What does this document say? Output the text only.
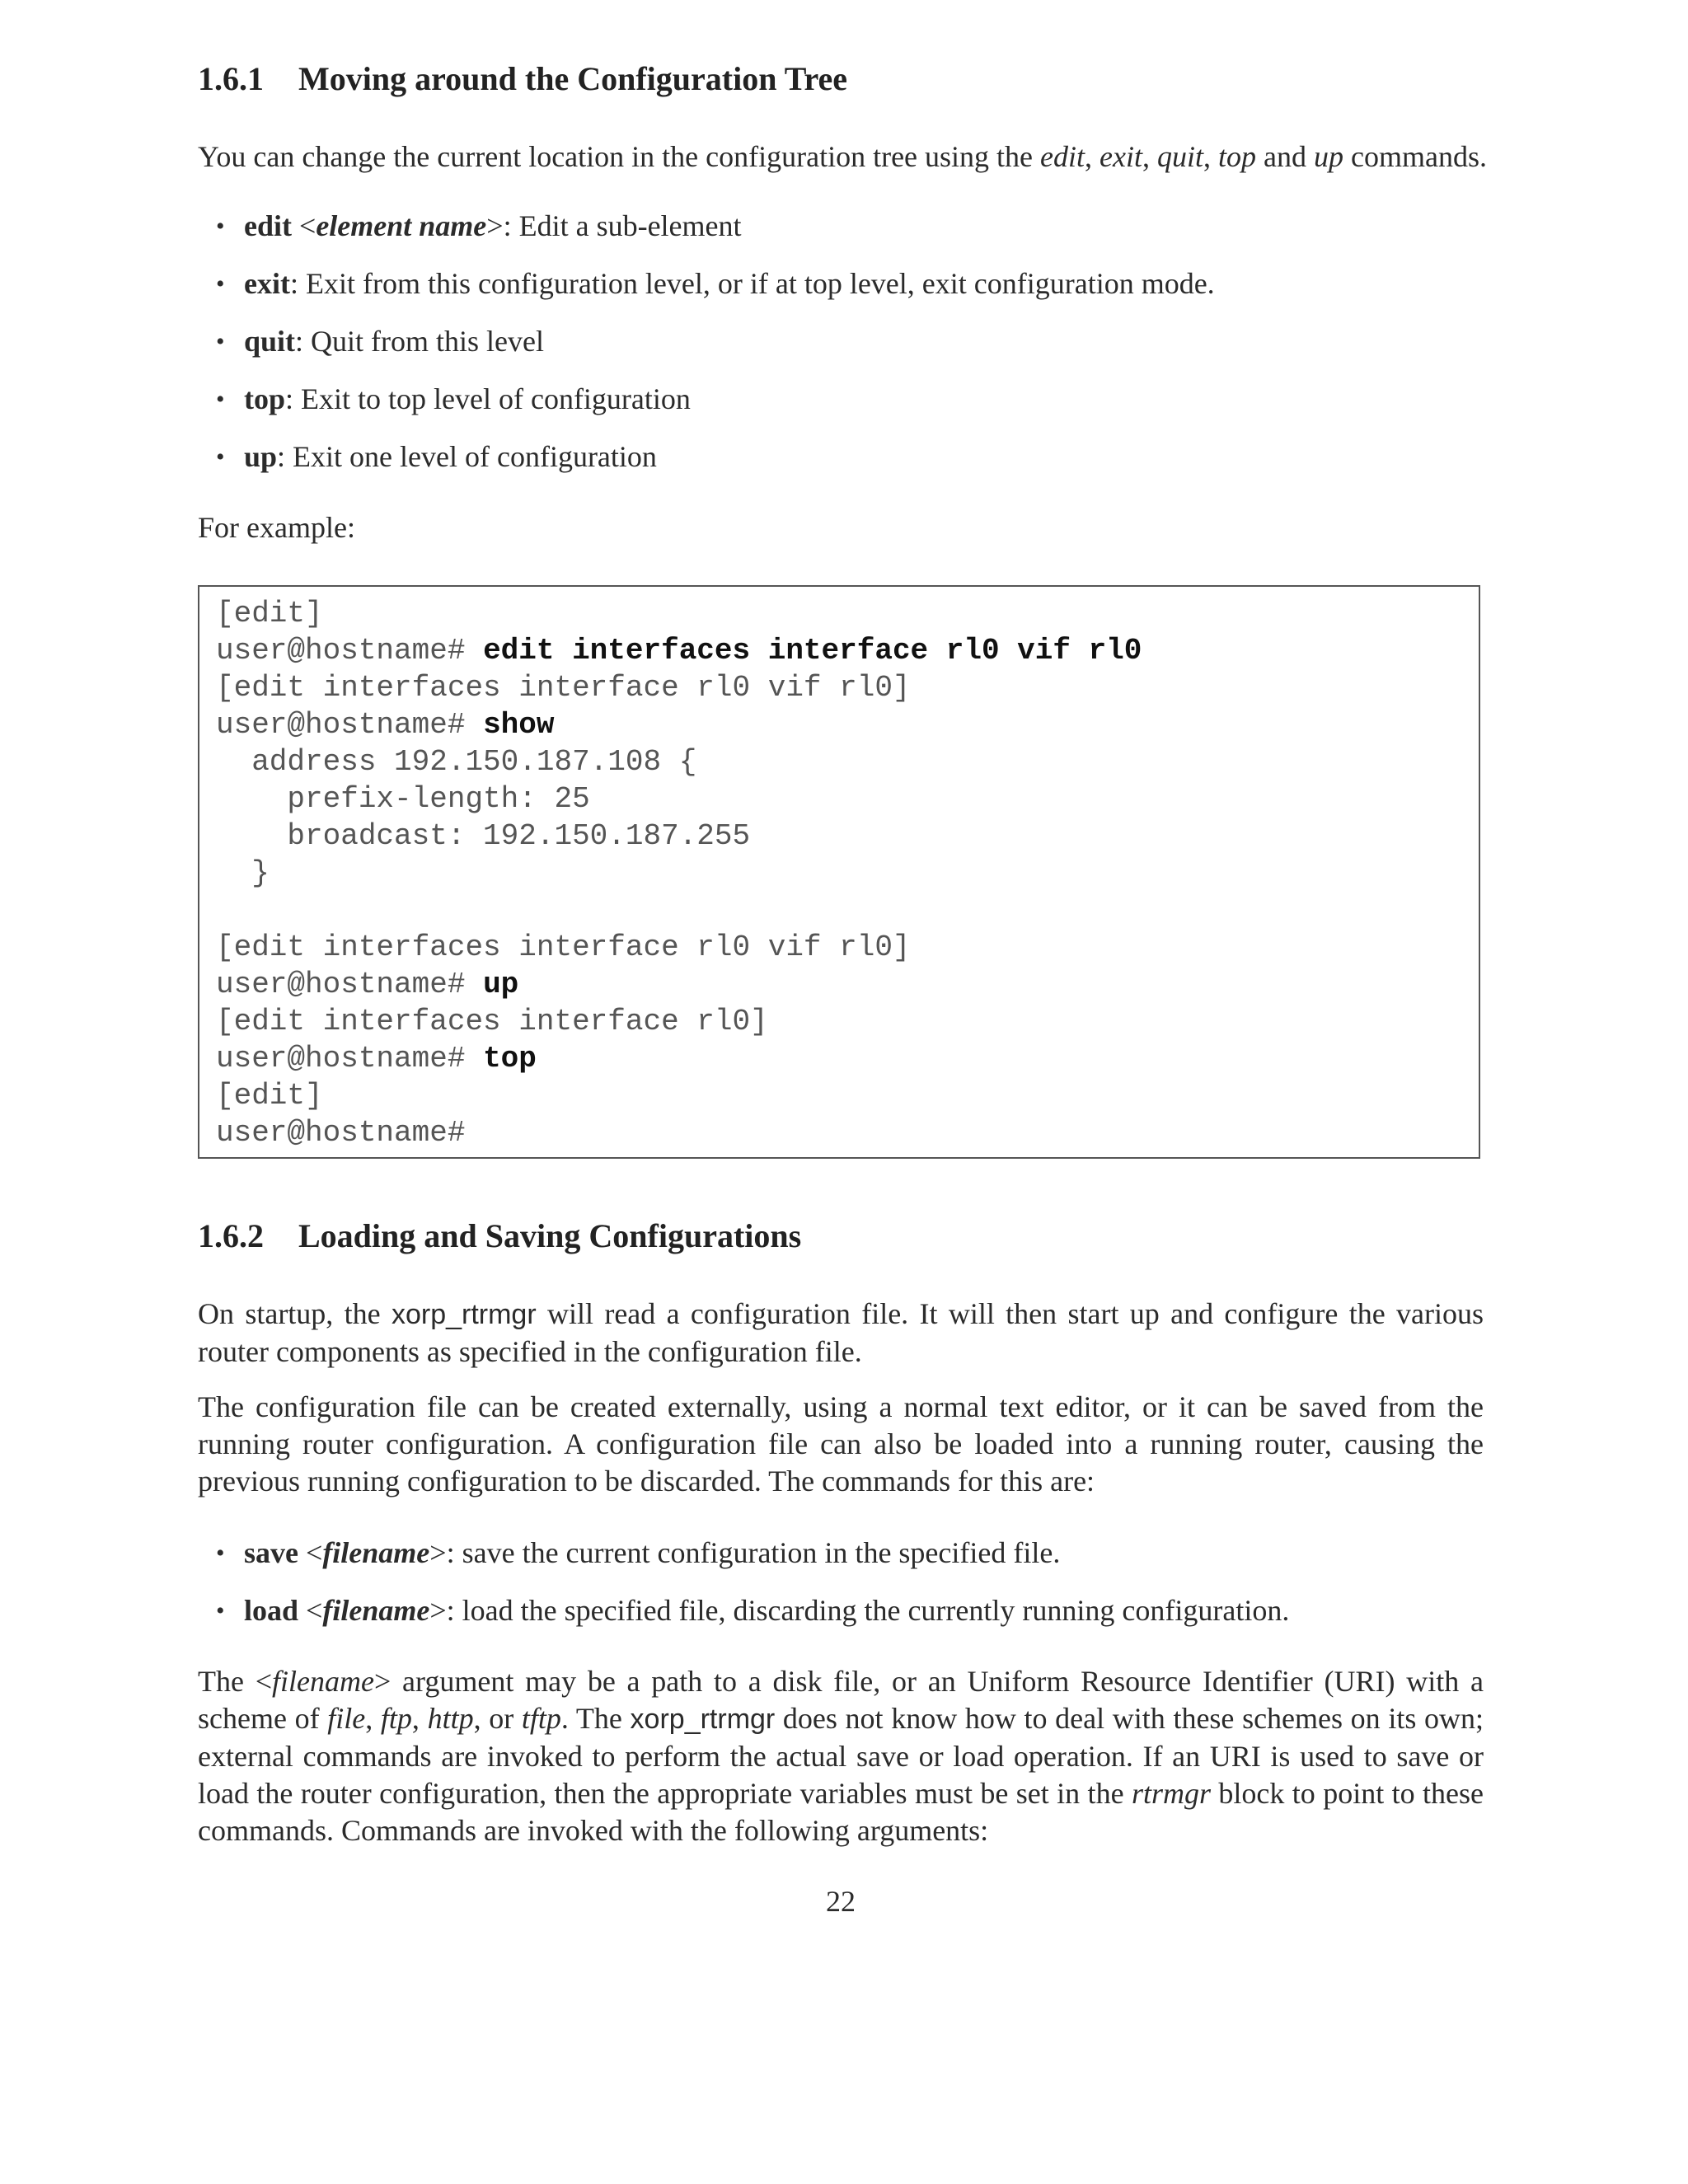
1.6.1 Moving around the Configuration Tree

You can change the current location in the configuration tree using the edit, exit, quit, top and up commands.

• edit <element name>: Edit a sub-element
• exit: Exit from this configuration level, or if at top level, exit configuration mode.
• quit: Quit from this level
• top: Exit to top level of configuration
• up: Exit one level of configuration

For example:

[edit]
user@hostname# edit interfaces interface rl0 vif rl0
[edit interfaces interface rl0 vif rl0]
user@hostname# show
address 192.150.187.108 {
prefix-length: 25
broadcast: 192.150.187.255
}
[edit interfaces interface rl0 vif rl0]
user@hostname# up
[edit interfaces interface rl0]
user@hostname# top
[edit]
user@hostname#
1.6.2 Loading and Saving Configurations

On startup, the xorp_rtrmgr will read a configuration file. It will then start up and configure the various router components as specified in the configuration file.

The configuration file can be created externally, using a normal text editor, or it can be saved from the running router configuration. A configuration file can also be loaded into a running router, causing the previous running configuration to be discarded. The commands for this are:

• save <filename>: save the current configuration in the specified file.
• load <filename>: load the specified file, discarding the currently running configuration.

The <filename> argument may be a path to a disk file, or an Uniform Resource Identifier (URI) with a scheme of file, ftp, http, or tftp. The xorp_rtrmgr does not know how to deal with these schemes on its own; external commands are invoked to perform the actual save or load operation. If an URI is used to save or load the router configuration, then the appropriate variables must be set in the rtrmgr block to point to these commands. Commands are invoked with the following arguments:

22
